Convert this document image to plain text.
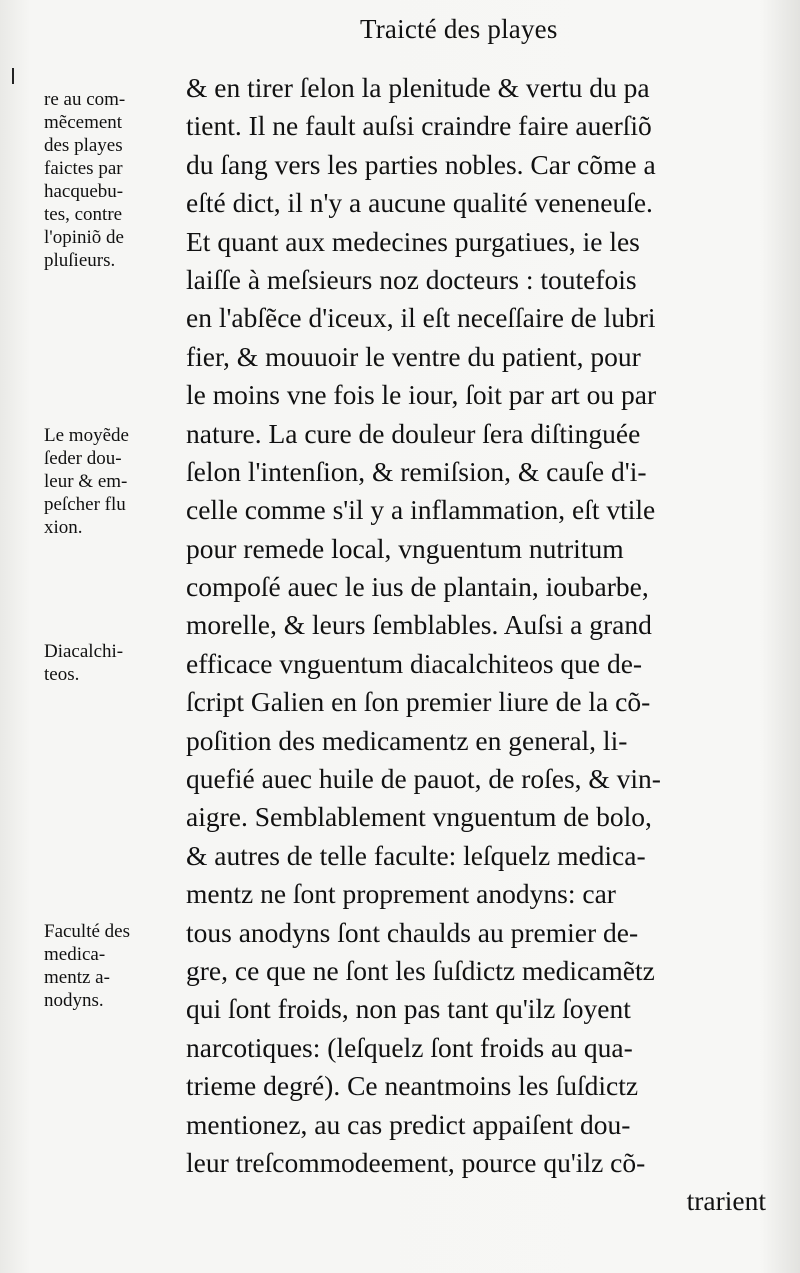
Traicté des playes
& en tirer ſelon la plenitude & vertu du pa
tient. Il ne fault auſsi craindre faire auerſiõ
du ſang vers les parties nobles. Car cõme a
eſté dict, il n'y a aucune qualité veneneuſe.
Et quant aux medecines purgatiues, ie les
laiſſe à meſsieurs noz docteurs : toutefois
en l'abſẽce d'iceux, il eſt neceſſaire de lubri
fier, & mouuoir le ventre du patient, pour
le moins vne fois le iour, ſoit par art ou par
nature. La cure de douleur ſera diſtinguée
ſelon l'intenſion, & remiſsion, & cauſe d'i-
celle comme s'il y a inflammation, eſt vtile
pour remede local, vnguentum nutritum
compoſé auec le ius de plantain, ioubarbe,
morelle, & leurs ſemblables. Auſsi a grand
efficace vnguentum diacalchiteos que de-
ſcript Galien en ſon premier liure de la cõ-
poſition des medicamentz en general, li-
quefié auec huile de pauot, de roſes, & vin-
aigre. Semblablement vnguentum de bolo,
& autres de telle faculte: leſquelz medica-
mentz ne ſont proprement anodyns: car
tous anodyns ſont chaulds au premier de-
gre, ce que ne ſont les ſuſdictz medicamẽtz
qui ſont froids, non pas tant qu'ilz ſoyent
narcotiques: (leſquelz ſont froids au qua-
trieme degré). Ce neantmoins les ſuſdictz
mentionez, au cas predict appaiſent dou-
leur treſcommodeement, pource qu'ilz cõ-
trarient
re au com-
mẽcement
des playes
faictes par
hacquebu-
tes, contre
l'opiniõ de
pluſieurs.
Le moyẽde
ſeder dou-
leur & em-
peſcher flu
xion.
Diacalchi-
teos.
Faculté des
medica-
mentz a-
nodyns.
